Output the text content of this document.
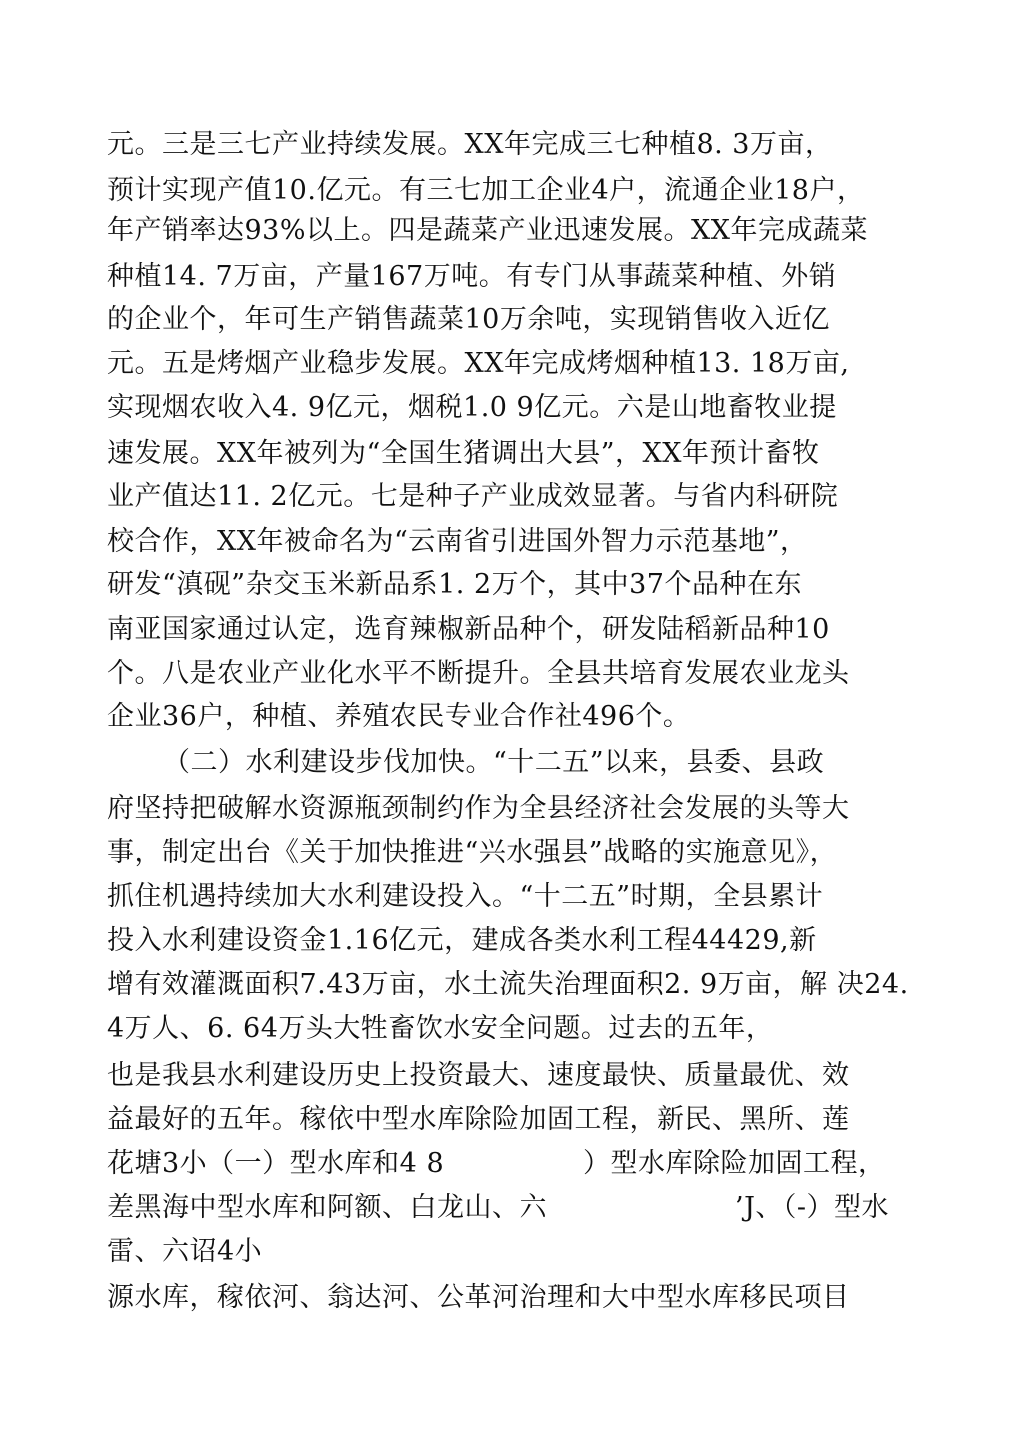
元。三是三七产业持续发展。XX年完成三七种植8. 3万亩，
预计实现产值10.亿元。有三七加工企业4户，流通企业18户，
年产销率达93%以上。四是蔬菜产业迅速发展。XX年完成蔬菜
种植14. 7万亩，产量167万吨。有专门从事蔬菜种植、外销
的企业个，年可生产销售蔬菜10万余吨，实现销售收入近亿
元。五是烤烟产业稳步发展。XX年完成烤烟种植13. 18万亩,
实现烟农收入4. 9亿元，烟税1.0 9亿元。六是山地畜牧业提
速发展。XX年被列为“全国生猪调出大县”，XX年预计畜牧
业产值达11. 2亿元。七是种子产业成效显著。与省内科研院
校合作，XX年被命名为“云南省引进国外智力示范基地”，
研发“滇砚”杂交玉米新品系1. 2万个，其中37个品种在东
南亚国家通过认定，选育辣椒新品种个，研发陆稻新品种10
个。八是农业产业化水平不断提升。全县共培育发展农业龙头
企业36户，种植、养殖农民专业合作社496个。
（二）水利建设步伐加快。“十二五”以来，县委、县政
府坚持把破解水资源瓶颈制约作为全县经济社会发展的头等大
事，制定出台《关于加快推进“兴水强县”战略的实施意见》，
抓住机遇持续加大水利建设投入。“十二五”时期，全县累计
投入水利建设资金1.16亿元，建成各类水利工程44429,新
增有效灌溉面积7.43万亩，水土流失治理面积2. 9万亩，解 决24.
4万人、6. 64万头大牲畜饮水安全问题。过去的五年，
也是我县水利建设历史上投资最大、速度最快、质量最优、效
益最好的五年。稼依中型水库除险加固工程，新民、黑所、莲
花塘3小（一）型水库和4 8	）型水库除险加固工程，
差黑海中型水库和阿额、白龙山、六	’J、（-）型水
雷、六诏4小
源水库，稼依河、翁达河、公革河治理和大中型水库移民项目
